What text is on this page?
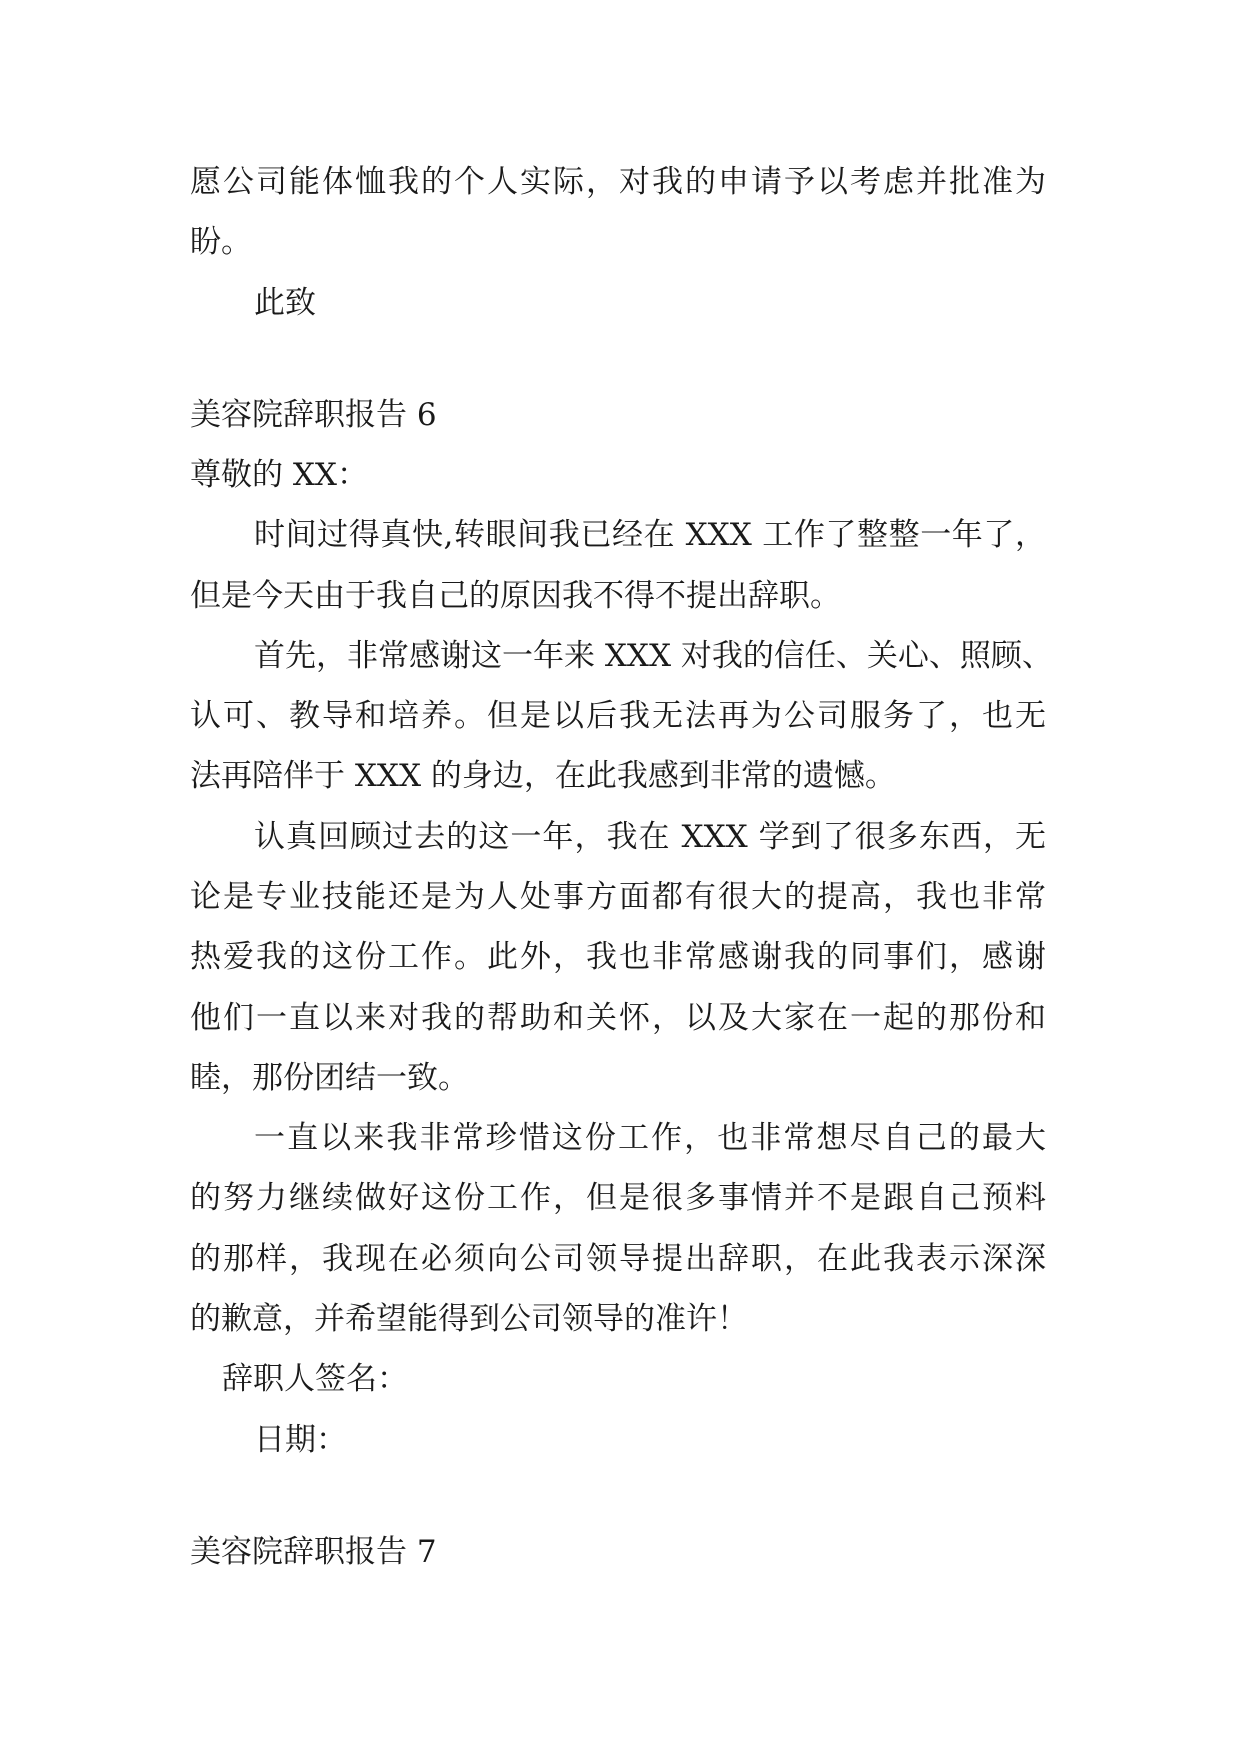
愿公司能体恤我的个人实际，对我的申请予以考虑并批准为

盼。

此致

美容院辞职报告 6

尊敬的 XX：

时间过得真快,转眼间我已经在 XXX 工作了整整一年了，

但是今天由于我自己的原因我不得不提出辞职。

首先，非常感谢这一年来 XXX 对我的信任、关心、照顾、

认可、教导和培养。但是以后我无法再为公司服务了，也无

法再陪伴于 XXX 的身边，在此我感到非常的遗憾。

认真回顾过去的这一年，我在 XXX 学到了很多东西，无

论是专业技能还是为人处事方面都有很大的提高，我也非常

热爱我的这份工作。此外，我也非常感谢我的同事们，感谢

他们一直以来对我的帮助和关怀，以及大家在一起的那份和

睦，那份团结一致。

一直以来我非常珍惜这份工作，也非常想尽自己的最大

的努力继续做好这份工作，但是很多事情并不是跟自己预料

的那样，我现在必须向公司领导提出辞职，在此我表示深深

的歉意，并希望能得到公司领导的准许！

辞职人签名：

日期：

美容院辞职报告 7
